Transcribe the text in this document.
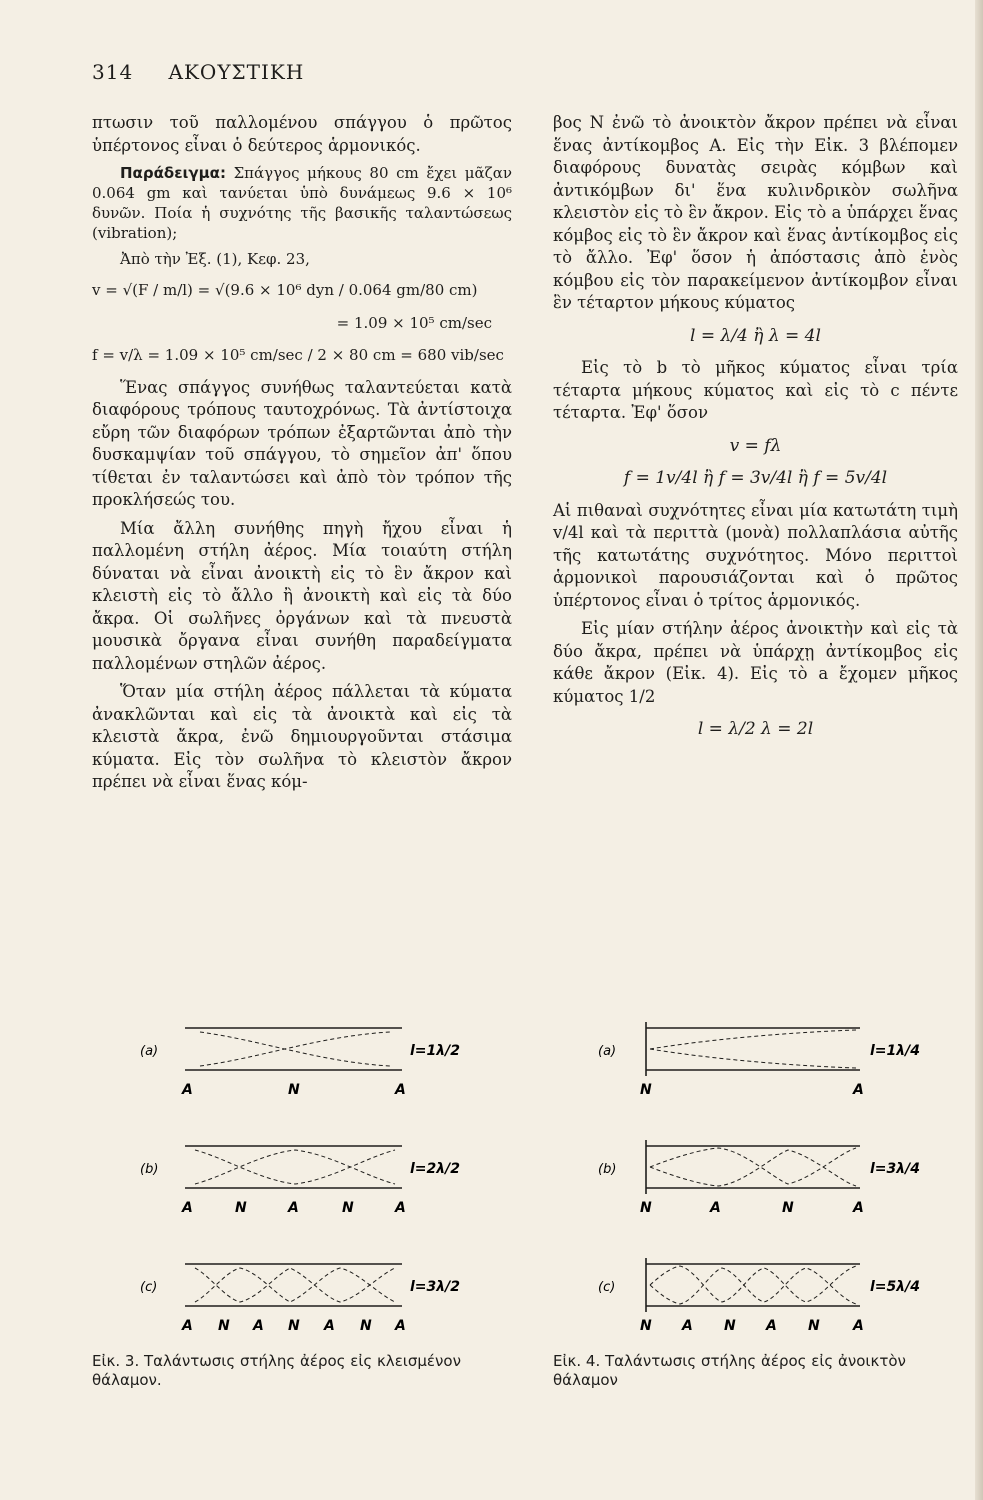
314 ΑΚΟΥΣΤΙΚΗ

πτωσιν τοῦ παλλομένου σπάγγου ὁ πρῶτος ὑπέρτονος εἶναι ὁ δεύτερος ἁρμονικός.

Παράδειγμα: Σπάγγος μήκους 80 cm ἔχει μᾶζαν 0.064 gm καὶ τανύεται ὑπὸ δυνάμεως 9.6 × 10⁶ δυνῶν. Ποία ἡ συχνότης τῆς βασικῆς ταλαντώσεως (vibration);

Ἀπὸ τὴν Ἐξ. (1), Κεφ. 23,

v = √(F / m/l) = √(9.6 × 10⁶ dyn / 0.064 gm/80 cm)
= 1.09 × 10⁵ cm/sec
f = v/λ = 1.09 × 10⁵ cm/sec / 2 × 80 cm = 680 vib/sec

Ἕνας σπάγγος συνήθως ταλαντεύεται κατὰ διαφόρους τρόπους ταυτοχρόνως. Τὰ ἀντίστοιχα εὔρη τῶν διαφόρων τρόπων ἐξαρτῶνται ἀπὸ τὴν δυσκαμψίαν τοῦ σπάγγου, τὸ σημεῖον ἀπ' ὅπου τίθεται ἐν ταλαντώσει καὶ ἀπὸ τὸν τρόπον τῆς προκλήσεώς του.

Μία ἄλλη συνήθης πηγὴ ἤχου εἶναι ἡ παλλομένη στήλη ἀέρος. Μία τοιαύτη στήλη δύναται νὰ εἶναι ἀνοικτὴ εἰς τὸ ἓν ἄκρον καὶ κλειστὴ εἰς τὸ ἄλλο ἢ ἀνοικτὴ καὶ εἰς τὰ δύο ἄκρα. Οἱ σωλῆνες ὀργάνων καὶ τὰ πνευστὰ μουσικὰ ὄργανα εἶναι συνήθη παραδείγματα παλλομένων στηλῶν ἀέρος.

Ὅταν μία στήλη ἀέρος πάλλεται τὰ κύματα ἀνακλῶνται καὶ εἰς τὰ ἀνοικτὰ καὶ εἰς τὰ κλειστὰ ἄκρα, ἐνῶ δημιουργοῦνται στάσιμα κύματα. Εἰς τὸν σωλῆνα τὸ κλειστὸν ἄκρον πρέπει νὰ εἶναι ἕνας κόμ-

βος N ἐνῶ τὸ ἀνοικτὸν ἄκρον πρέπει νὰ εἶναι ἕνας ἀντίκομβος A. Εἰς τὴν Εἰκ. 3 βλέπομεν διαφόρους δυνατὰς σειρὰς κόμβων καὶ ἀντικόμβων δι' ἕνα κυλινδρικὸν σωλῆνα κλειστὸν εἰς τὸ ἓν ἄκρον. Εἰς τὸ a ὑπάρχει ἕνας κόμβος εἰς τὸ ἓν ἄκρον καὶ ἕνας ἀντίκομβος εἰς τὸ ἄλλο. Ἐφ' ὅσον ἡ ἀπόστασις ἀπὸ ἑνὸς κόμβου εἰς τὸν παρακείμενον ἀντίκομβον εἶναι ἓν τέταρτον μήκους κύματος

l = λ/4 ἢ λ = 4l

Εἰς τὸ b τὸ μῆκος κύματος εἶναι τρία τέταρτα μήκους κύματος καὶ εἰς τὸ c πέντε τέταρτα. Ἐφ' ὅσον

v = fλ
f = 1v/4l ἢ f = 3v/4l ἢ f = 5v/4l

Αἱ πιθαναὶ συχνότητες εἶναι μία κατωτάτη τιμὴ v/4l καὶ τὰ περιττὰ (μονὰ) πολλαπλάσια αὐτῆς τῆς κατωτάτης συχνότητος. Μόνο περιττοὶ ἁρμονικοὶ παρουσιάζονται καὶ ὁ πρῶτος ὑπέρτονος εἶναι ὁ τρίτος ἁρμονικός.

Εἰς μίαν στήλην ἀέρος ἀνοικτὴν καὶ εἰς τὰ δύο ἄκρα, πρέπει νὰ ὑπάρχῃ ἀντίκομβος εἰς κάθε ἄκρον (Εἰκ. 4). Εἰς τὸ a ἔχομεν μῆκος κύματος 1/2

l = λ/2 λ = 2l
(a)	l=1λ/2
A	N	A
(b)	l=2λ/2
A	N	A	N	A
(c)	l=3λ/2
A N A N A N A
Εἰκ. 3. Ταλάντωσις στήλης ἀέρος εἰς κλεισμένον θάλαμον.
(a)	l=1λ/4
N	A
(b)	l=3λ/4
N	A	N	A
(c)	l=5λ/4
N A N A N A
Εἰκ. 4. Ταλάντωσις στήλης ἀέρος εἰς ἀνοικτὸν θάλαμον
